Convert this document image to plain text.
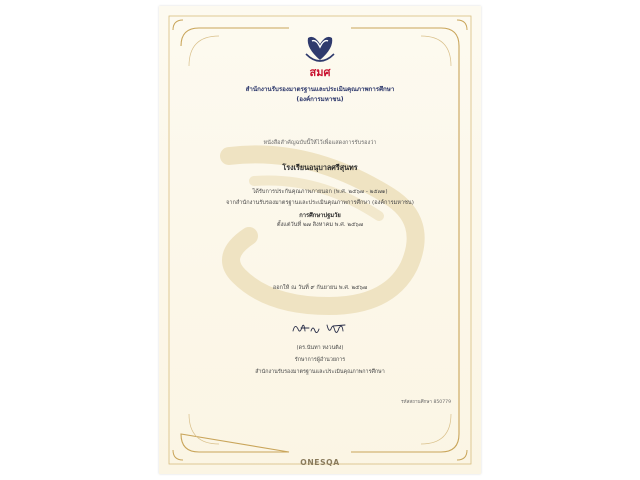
สมศ
สำนักงานรับรองมาตรฐานและประเมินคุณภาพการศึกษา
(องค์การมหาชน)
หนังสือสำคัญฉบับนี้ให้ไว้เพื่อแสดงการรับรองว่า
โรงเรียนอนุบาลศรีสุนทร
ได้รับการประกันคุณภาพภายนอก (พ.ศ. ๒๕๖๗ - ๒๕๗๑)
จากสำนักงานรับรองมาตรฐานและประเมินคุณภาพการศึกษา (องค์การมหาชน)
การศึกษาปฐมวัย
ตั้งแต่วันที่ ๒๗ สิงหาคม พ.ศ. ๒๕๖๗
ออกให้ ณ วันที่ ๙ กันยายน พ.ศ. ๒๕๖๗
(ดร.นันทา หงวนติง)
รักษาการผู้อำนวยการ
สำนักงานรับรองมาตรฐานและประเมินคุณภาพการศึกษา
รหัสสถานศึกษา 850779
ONESQA
